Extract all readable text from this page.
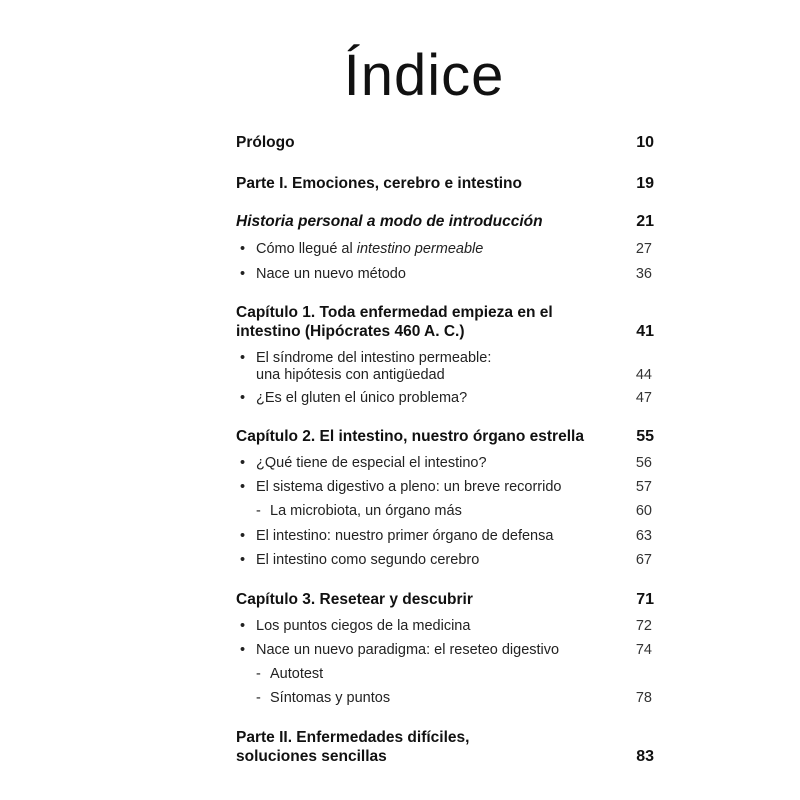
Índice
Prólogo	10
Parte I. Emociones, cerebro e intestino	19
Historia personal a modo de introducción	21
• Cómo llegué al intestino permeable	27
• Nace un nuevo método	36
Capítulo 1. Toda enfermedad empieza en el
intestino (Hipócrates 460 A. C.)	41
• El síndrome del intestino permeable:
una hipótesis con antigüedad	44
• ¿Es el gluten el único problema?	47
Capítulo 2. El intestino, nuestro órgano estrella	55
• ¿Qué tiene de especial el intestino?	56
• El sistema digestivo a pleno: un breve recorrido	57
- La microbiota, un órgano más	60
• El intestino: nuestro primer órgano de defensa	63
• El intestino como segundo cerebro	67
Capítulo 3. Resetear y descubrir	71
• Los puntos ciegos de la medicina	72
• Nace un nuevo paradigma: el reseteo digestivo	74
- Autotest
- Síntomas y puntos	78
Parte II. Enfermedades difíciles,
soluciones sencillas	83
